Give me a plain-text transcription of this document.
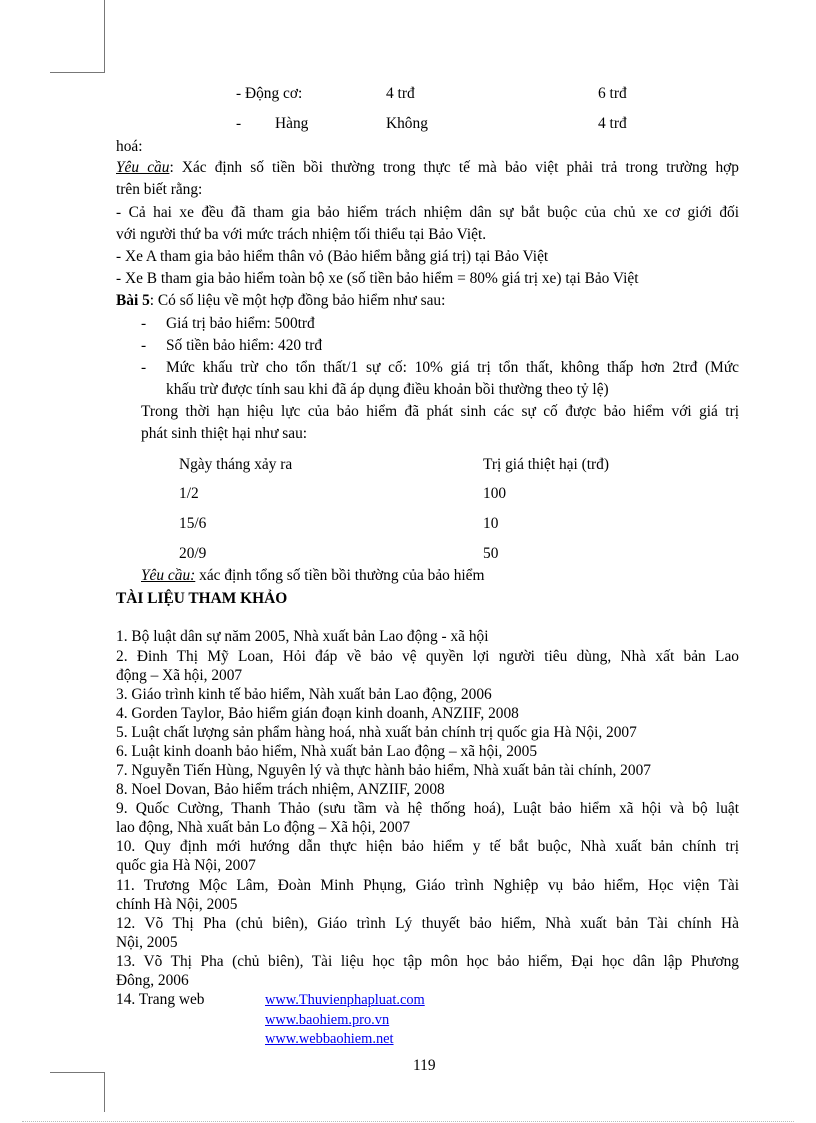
- Động cơ:	4 trđ	6 trđ
- Hàng	Không	4 trđ
hoá:
Yêu cầu: Xác định số tiền bồi thường trong thực tế mà bảo việt phải trả trong trường hợp
trên biết rằng:
- Cả hai xe đều đã tham gia bảo hiểm trách nhiệm dân sự bắt buộc của chủ xe cơ giới đối
với người thứ ba với mức trách nhiệm tối thiểu tại Bảo Việt.
- Xe A tham gia bảo hiểm thân vỏ (Bảo hiểm bằng giá trị) tại Bảo Việt
- Xe B tham gia bảo hiểm toàn bộ xe (số tiền bảo hiểm = 80% giá trị xe) tại Bảo Việt
Bài 5: Có số liệu về một hợp đồng bảo hiểm như sau:
- Giá trị bảo hiểm: 500trđ
- Số tiền bảo hiểm: 420 trđ
- Mức khấu trừ cho tổn thất/1 sự cố: 10% giá trị tổn thất, không thấp hơn 2trđ (Mức
khấu trừ được tính sau khi đã áp dụng điều khoản bồi thường theo tỷ lệ)
Trong thời hạn hiệu lực của bảo hiểm đã phát sinh các sự cố được bảo hiểm với giá trị
phát sinh thiệt hại như sau:
Ngày tháng xảy ra	Trị giá thiệt hại (trđ)
1/2	100
15/6	10
20/9	50
Yêu cầu: xác định tổng số tiền bồi thường của bảo hiểm
TÀI LIỆU THAM KHẢO
1. Bộ luật dân sự năm 2005, Nhà xuất bản Lao động - xã hội
2. Đinh Thị Mỹ Loan, Hỏi đáp về bảo vệ quyền lợi người tiêu dùng, Nhà xất bản Lao
động – Xã hội, 2007
3. Giáo trình kinh tế bảo hiểm, Nàh xuất bản Lao động, 2006
4. Gorden Taylor, Bảo hiểm gián đoạn kinh doanh, ANZIIF, 2008
5. Luật chất lượng sản phẩm hàng hoá, nhà xuất bản chính trị quốc gia Hà Nội, 2007
6. Luật kinh doanh bảo hiểm, Nhà xuất bản Lao động – xã hội, 2005
7. Nguyễn Tiến Hùng, Nguyên lý và thực hành bảo hiểm, Nhà xuất bản tài chính, 2007
8. Noel Dovan, Bảo hiểm trách nhiệm, ANZIIF, 2008
9. Quốc Cường, Thanh Thảo (sưu tầm và hệ thống hoá), Luật bảo hiểm xã hội và bộ luật
lao động, Nhà xuất bản Lo động – Xã hội, 2007
10. Quy định mới hướng dẫn thực hiện bảo hiểm y tế bắt buộc, Nhà xuất bản chính trị
quốc gia Hà Nội, 2007
11. Trương Mộc Lâm, Đoàn Minh Phụng, Giáo trình Nghiệp vụ bảo hiểm, Học viện Tài
chính Hà Nội, 2005
12. Võ Thị Pha (chủ biên), Giáo trình Lý thuyết bảo hiểm, Nhà xuất bản Tài chính Hà
Nội, 2005
13. Võ Thị Pha (chủ biên), Tài liệu học tập môn học bảo hiểm, Đại học dân lập Phương
Đông, 2006
14. Trang web	www.Thuvienphapluat.com
www.baohiem.pro.vn
www.webbaohiem.net
119
